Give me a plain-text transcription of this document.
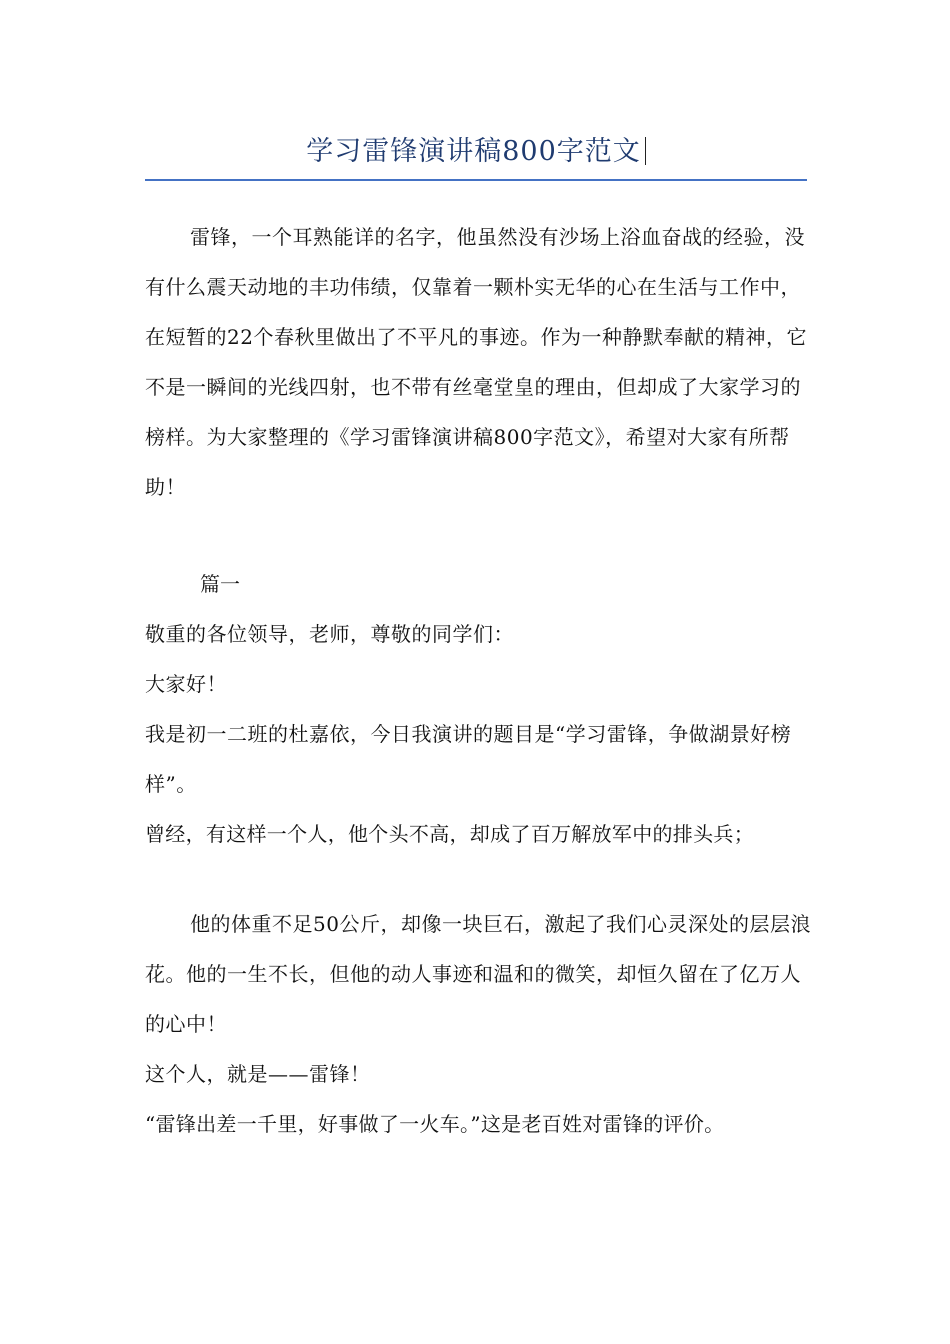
学习雷锋演讲稿800字范文

雷锋，一个耳熟能详的名字，他虽然没有沙场上浴血奋战的经验，没有什么震天动地的丰功伟绩，仅靠着一颗朴实无华的心在生活与工作中，在短暂的22个春秋里做出了不平凡的事迹。作为一种静默奉献的精神，它不是一瞬间的光线四射，也不带有丝毫堂皇的理由，但却成了大家学习的榜样。为大家整理的《学习雷锋演讲稿800字范文》，希望对大家有所帮助！

篇一

敬重的各位领导，老师，尊敬的同学们：

大家好！

我是初一二班的杜嘉依，今日我演讲的题目是“学习雷锋，争做湖景好榜样”。

曾经，有这样一个人，他个头不高，却成了百万解放军中的排头兵；

他的体重不足50公斤，却像一块巨石，激起了我们心灵深处的层层浪花。他的一生不长，但他的动人事迹和温和的微笑，却恒久留在了亿万人的心中！

这个人，就是——雷锋！

“雷锋出差一千里，好事做了一火车。”这是老百姓对雷锋的评价。
